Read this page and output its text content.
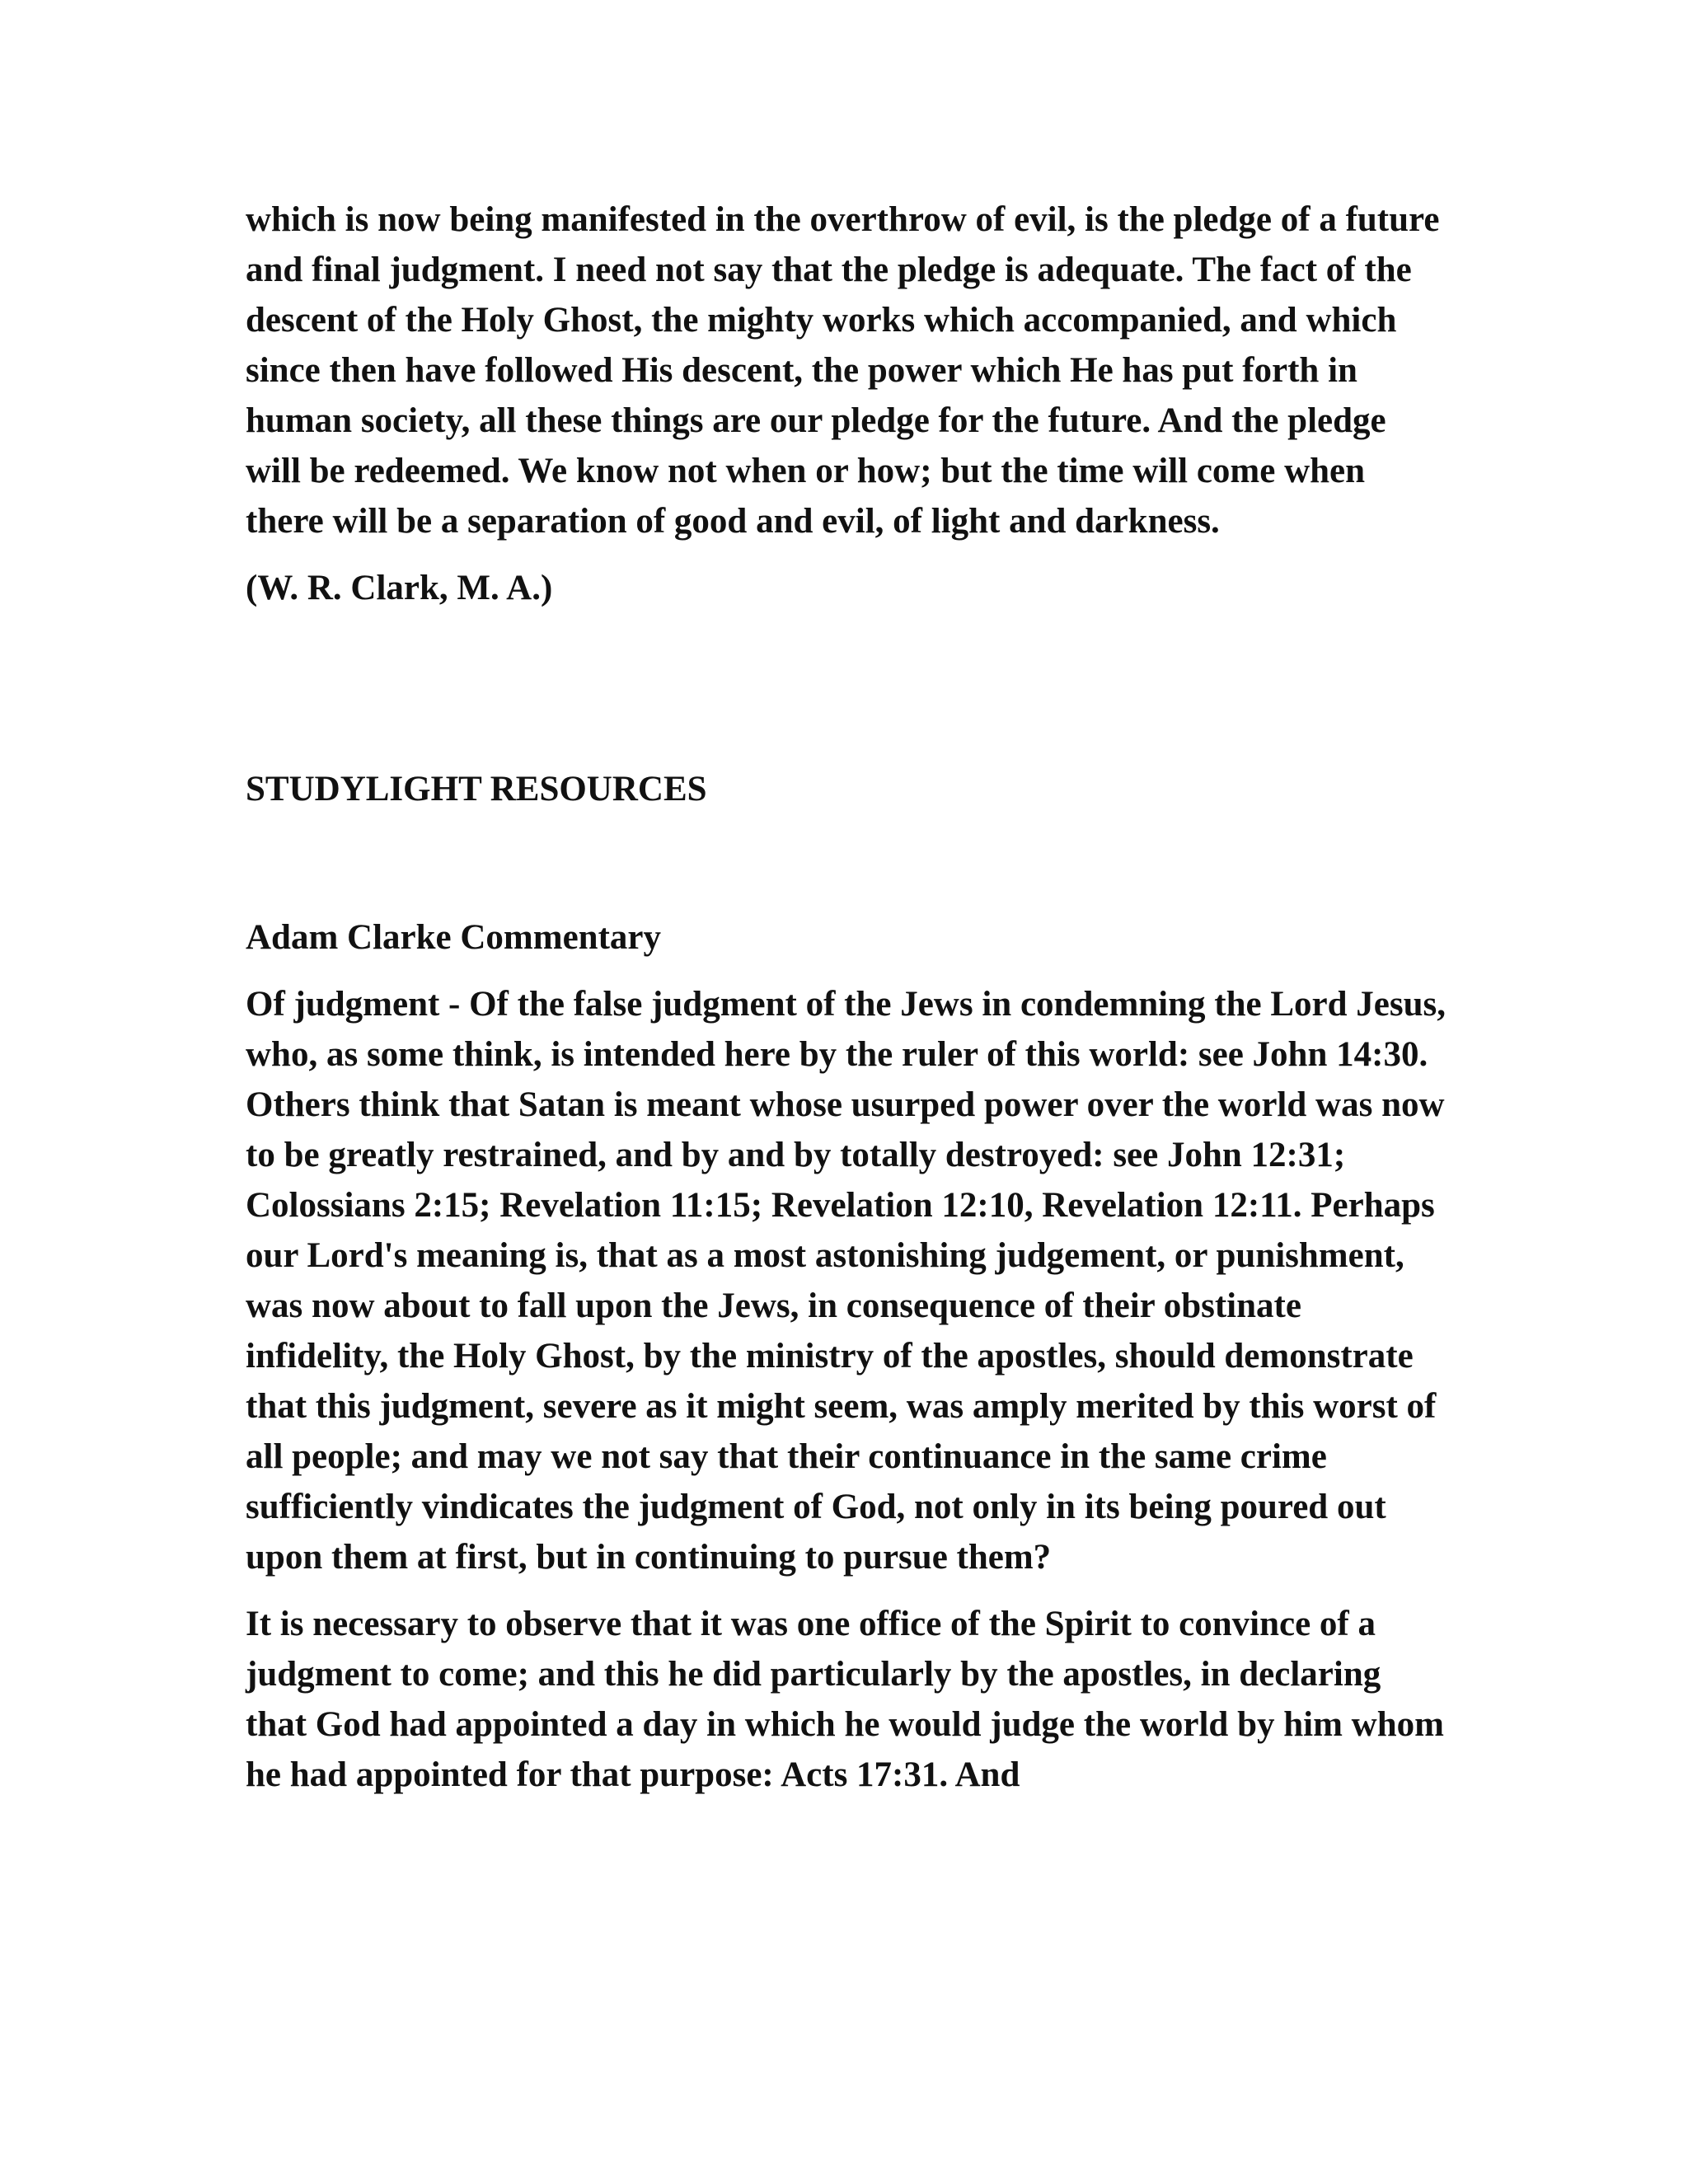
which is now being manifested in the overthrow of evil, is the pledge of a future and final judgment. I need not say that the pledge is adequate. The fact of the descent of the Holy Ghost, the mighty works which accompanied, and which since then have followed His descent, the power which He has put forth in human society, all these things are our pledge for the future. And the pledge will be redeemed. We know not when or how; but the time will come when there will be a separation of good and evil, of light and darkness.

(W. R. Clark, M. A.)

STUDYLIGHT RESOURCES

Adam Clarke Commentary

Of judgment - Of the false judgment of the Jews in condemning the Lord Jesus, who, as some think, is intended here by the ruler of this world: see John 14:30. Others think that Satan is meant whose usurped power over the world was now to be greatly restrained, and by and by totally destroyed: see John 12:31; Colossians 2:15; Revelation 11:15; Revelation 12:10, Revelation 12:11. Perhaps our Lord's meaning is, that as a most astonishing judgement, or punishment, was now about to fall upon the Jews, in consequence of their obstinate infidelity, the Holy Ghost, by the ministry of the apostles, should demonstrate that this judgment, severe as it might seem, was amply merited by this worst of all people; and may we not say that their continuance in the same crime sufficiently vindicates the judgment of God, not only in its being poured out upon them at first, but in continuing to pursue them?

It is necessary to observe that it was one office of the Spirit to convince of a judgment to come; and this he did particularly by the apostles, in declaring that God had appointed a day in which he would judge the world by him whom he had appointed for that purpose: Acts 17:31. And
